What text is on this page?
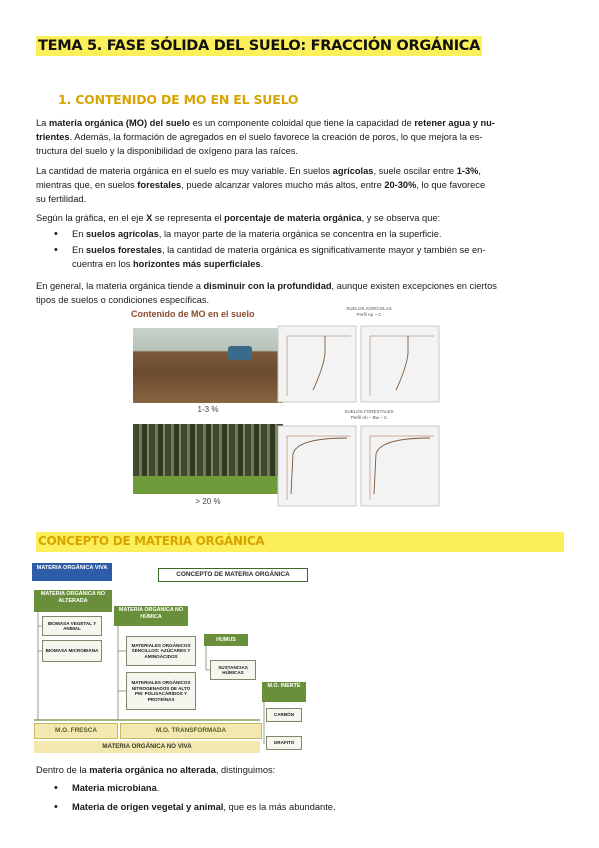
TEMA 5. FASE SÓLIDA DEL SUELO: FRACCIÓN ORGÁNICA
1. CONTENIDO DE MO EN EL SUELO
La materia orgánica (MO) del suelo es un componente coloidal que tiene la capacidad de retener agua y nu-
trientes. Además, la formación de agregados en el suelo favorece la creación de poros, lo que mejora la es-
tructura del suelo y la disponibilidad de oxígeno para las raíces.
La cantidad de materia orgánica en el suelo es muy variable. En suelos agrícolas, suele oscilar entre 1-3%,
mientras que, en suelos forestales, puede alcanzar valores mucho más altos, entre 20-30%, lo que favorece
su fertilidad.
Según la gráfica, en el eje X se representa el porcentaje de materia orgánica, y se observa que:
• En suelos agrícolas, la mayor parte de la materia orgánica se concentra en la superficie.
• En suelos forestales, la cantidad de materia orgánica es significativamente mayor y también se en-
cuentra en los horizontes más superficiales.
En general, la materia orgánica tiende a disminuir con la profundidad, aunque existen excepciones en ciertos
tipos de suelos o condiciones específicas.
Contenido de MO en el suelo
1-3 %
> 20 %
SUELOS AGRÍCOLAS
Perfil Ap – C
SUELOS FORESTALES
Perfil Ah – Bw – C
CONCEPTO DE MATERIA ORGÁNICA
MATERIA ORGÁNICA VIVA
CONCEPTO DE MATERIA ORGÁNICA
MATERIA ORGÁNICA NO ALTERADA
BIOMASA VEGETAL Y ANIMAL
BIOMASA MICROBIANA
MATERIA ORGÁNICA NO HÚMICA
MATERIALES ORGÁNICOS SENCILLOS: AZÚCARES Y AMINOÁCIDOS
MATERIALES ORGÁNICOS NITROGENADOS DE ALTO PM: POLISACÁRIDOS Y PROTEÍNAS
HUMUS
SUSTANCIAS HÚMICAS
M.O. INERTE
CARBÓN
GRAFITO
M.O. FRESCA	M.O. TRANSFORMADA
MATERIA ORGÁNICA NO VIVA
Dentro de la materia orgánica no alterada, distinguimos:
• Materia microbiana.
• Materia de origen vegetal y animal, que es la más abundante.
